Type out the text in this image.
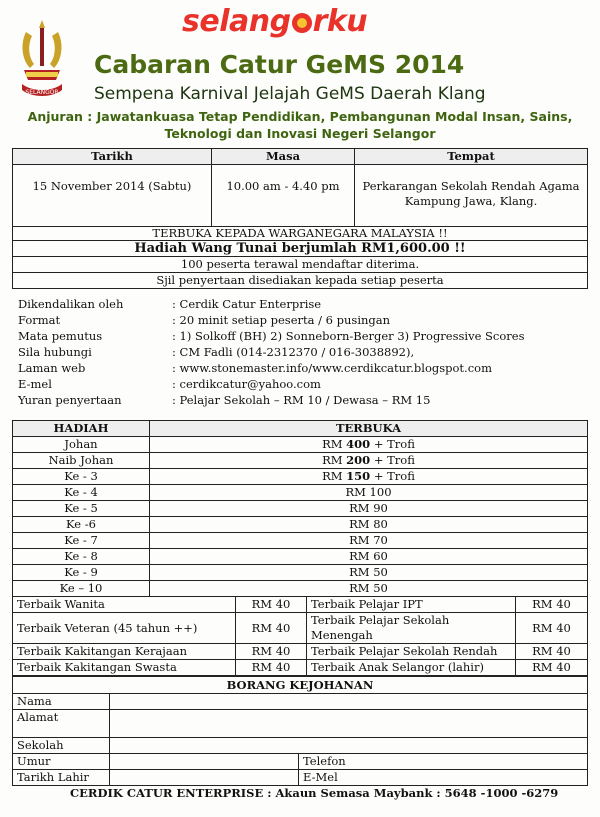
SELANGOR
selang rku
Cabaran Catur GeMS 2014
Sempena Karnival Jelajah GeMS Daerah Klang
Anjuran : Jawatankuasa Tetap Pendidikan, Pembangunan Modal Insan, Sains,
Teknologi dan Inovasi Negeri Selangor
Tarikh	Masa	Tempat
15 November 2014 (Sabtu)	10.00 am - 4.40 pm	Perkarangan Sekolah Rendah Agama
Kampung Jawa, Klang.

TERBUKA KEPADA WARGANEGARA MALAYSIA !!		
Hadiah Wang Tunai berjumlah RM1,600.00 !!		
100 peserta terawal mendaftar diterima.		
Sjil penyertaan disediakan kepada setiap peserta		
Dikendalikan oleh	: Cerdik Catur Enterprise
Format	: 20 minit setiap peserta / 6 pusingan
Mata pemutus	: 1) Solkoff (BH) 2) Sonneborn-Berger 3) Progressive Scores
Sila hubungi	: CM Fadli (014-2312370 / 016-3038892),
Laman web	: www.stonemaster.info/www.cerdikcatur.blogspot.com
E-mel	: cerdikcatur@yahoo.com
Yuran penyertaan	: Pelajar Sekolah – RM 10 / Dewasa – RM 15
HADIAH	TERBUKA
Johan	RM 400 + Trofi
Naib Johan	RM 200 + Trofi
Ke - 3	RM 150 + Trofi
Ke - 4	RM 100
Ke - 5	RM 90
Ke -6	RM 80
Ke - 7	RM 70
Ke - 8	RM 60
Ke - 9	RM 50
Ke – 10	RM 50
Terbaik Wanita	RM 40	Terbaik Pelajar IPT	RM 40
Terbaik Veteran (45 tahun ++)	RM 40	Terbaik Pelajar Sekolah Menengah	RM 40
Terbaik Kakitangan Kerajaan	RM 40	Terbaik Pelajar Sekolah Rendah	RM 40
Terbaik Kakitangan Swasta	RM 40	Terbaik Anak Selangor (lahir)	RM 40
BORANG KEJOHANAN			
Nama			
Alamat			
Sekolah			
Umur		Telefon	
Tarikh Lahir		E-Mel	
CERDIK CATUR ENTERPRISE : Akaun Semasa Maybank : 5648 -1000 -6279
